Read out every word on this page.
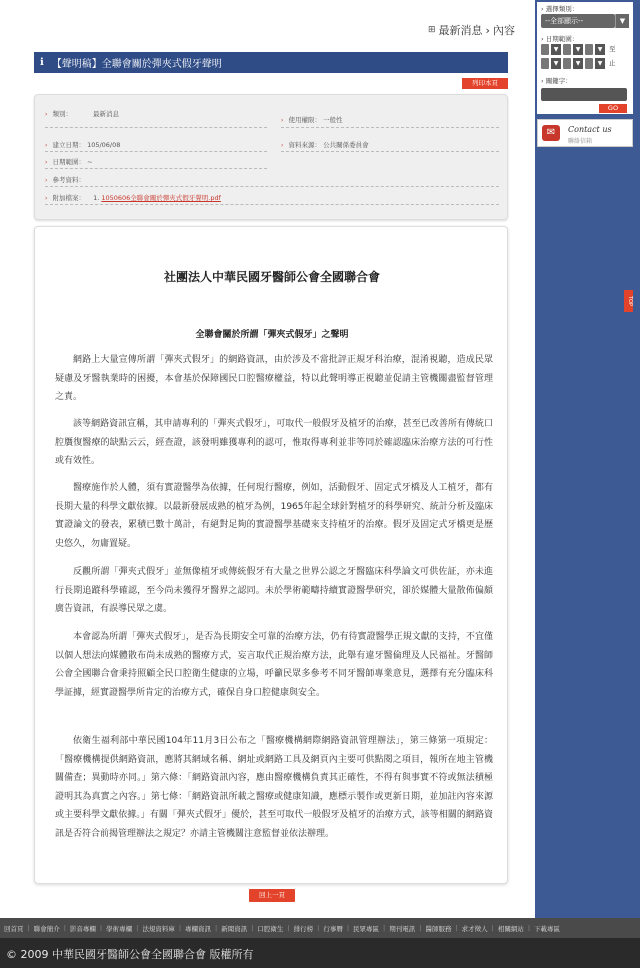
⊞ 最新消息 › 內容
ℹ 【聲明稿】全聯會關於彈夾式假牙聲明
列印本頁
› 類別：	最新消息
› 使用權限： 一般性
› 建立日期： 105/06/08	› 資料來源： 公共關係委員會
› 日期範圍： ~
› 參考資料：
› 附加檔案： 1. 1050606全聯會關於彈夾式假牙聲明.pdf
社團法人中華民國牙醫師公會全國聯合會
全聯會關於所謂「彈夾式假牙」之聲明

網路上大量宣傳所謂「彈夾式假牙」的網路資訊，由於涉及不當批評正規牙科治療，混淆視聽，造成民眾疑慮及牙醫執業時的困擾，本會基於保障國民口腔醫療權益，特以此聲明導正視聽並促請主管機關盡監督管理之責。

該等網路資訊宣稱，其申請專利的「彈夾式假牙」，可取代一般假牙及植牙的治療，甚至已改善所有傳統口腔贋復醫療的缺點云云，經查證，該發明雖獲專利的認可，惟取得專利並非等同於確認臨床治療方法的可行性或有效性。

醫療施作於人體，須有實證醫學為依據，任何現行醫療，例如，活動假牙、固定式牙橋及人工植牙，都有長期大量的科學文獻依據。以最新發展成熟的植牙為例，1965年起全球針對植牙的科學研究、統計分析及臨床實證論文的發表，累積已數十萬計，有絕對足夠的實證醫學基礎來支持植牙的治療。假牙及固定式牙橋更是歷史悠久，勿庸置疑。

反觀所謂「彈夾式假牙」並無像植牙或傳統假牙有大量之世界公認之牙醫臨床科學論文可供佐証，亦未進行長期追蹤科學確認，至今尚未獲得牙醫界之認同。未於學術範疇持續實證醫學研究，卻於媒體大量散佈偏頗廣告資訊，有誤導民眾之虞。

本會認為所謂「彈夾式假牙」，是否為長期安全可靠的治療方法，仍有待實證醫學正規文獻的支持，不宜僅以個人想法向媒體散布尚未成熟的醫療方式，妄言取代正規治療方法，此舉有違牙醫倫理及人民福祉。牙醫師公會全國聯合會秉持照顧全民口腔衛生健康的立場，呼籲民眾多參考不同牙醫師專業意見，選擇有充分臨床科學証據，經實證醫學所肯定的治療方式，確保自身口腔健康與安全。

依衛生福利部中華民國104年11月3日公布之「醫療機構網際網路資訊管理辦法」，第三條第一項規定：「醫療機構提供網路資訊，應將其網域名稱、網址或網路工具及網頁內主要可供點閱之項目，報所在地主管機關備查；異動時亦同。」第六條：「網路資訊內容，應由醫療機構負責其正確性，不得有與事實不符或無法積極證明其為真實之內容。」第七條：「網路資訊所載之醫療或健康知識，應標示製作或更新日期，並加註內容來源或主要科學文獻依據。」有關「彈夾式假牙」優於，甚至可取代一般假牙及植牙的治療方式，該等相關的網路資訊是否符合前揭管理辦法之規定？亦請主管機關注意監督並依法辦理。

回上一頁
› 選擇類別：
--全部顯示--	▼
› 日期範圍：
▼	▼	▼	至
▼	▼	▼	止
› 關鍵字：
GO
✉	Contact us
聯絡信箱
TOP
回首頁 | 聯會簡介 | 影音專欄 | 學術專欄 | 法規資料庫 | 專欄資訊 | 新聞資訊 | 口腔衛生 | 排行榜 | 行事曆 | 民眾專區 | 期刊電訊 | 醫師服務 | 求才徵人 | 相關網站 | 下載專區
© 2009 中華民國牙醫師公會全國聯合會 版權所有
